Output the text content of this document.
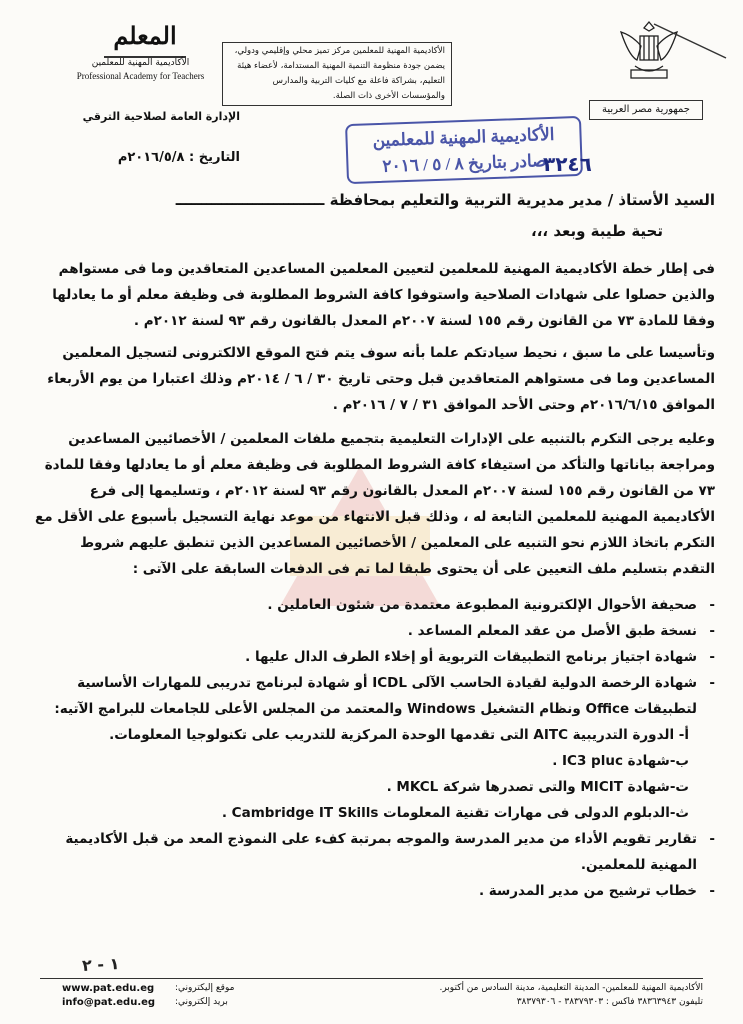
جمهورية مصر العربية
الأكاديمية المهنية للمعلمين مركز تميز محلي وإقليمي ودولي، يضمن جودة منظومة التنمية المهنية المستدامة، لأعضاء هيئة التعليم، بشراكة فاعلة مع كليات التربية والمدارس والمؤسسات الأخرى ذات الصلة.
المعلم
الأكاديمية المهنية للمعلمين
Professional Academy for Teachers
الإدارة العامة لصلاحية الترقي
التاريخ : ٢٠١٦/٥/٨م
الأكاديمية المهنية للمعلمين
صادر بتاريخ ٨ / ٥ / ٢٠١٦
٣٢٤٦
السيد الأستاذ / مدير مديرية التربية والتعليم بمحافظة ـــــــــــــــــــــــــــــ
تحية طيبة وبعد ،،،
فى إطار خطة الأكاديمية المهنية للمعلمين لتعيين المعلمين المساعدين المتعاقدين وما فى مستواهم والذين حصلوا على شهادات الصلاحية واستوفوا كافة الشروط المطلوبة فى وظيفة معلم أو ما يعادلها وفقا للمادة ٧٣ من القانون رقم ١٥٥ لسنة ٢٠٠٧م المعدل بالقانون رقم ٩٣ لسنة ٢٠١٢م .
وتأسيسا على ما سبق ، نحيط سيادتكم علما بأنه سوف يتم فتح الموقع الالكترونى لتسجيل المعلمين المساعدين وما فى مستواهم المتعاقدين قبل وحتى تاريخ ٣٠ / ٦ / ٢٠١٤م وذلك اعتبارا من يوم الأربعاء الموافق ٢٠١٦/٦/١٥م وحتى الأحد الموافق ٣١ / ٧ / ٢٠١٦م .
وعليه يرجى التكرم بالتنبيه على الإدارات التعليمية بتجميع ملفات المعلمين / الأخصائيين المساعدين ومراجعة بياناتها والتأكد من استيفاء كافة الشروط المطلوبة فى وظيفة معلم أو ما يعادلها وفقا للمادة ٧٣ من القانون رقم ١٥٥ لسنة ٢٠٠٧م المعدل بالقانون رقم ٩٣ لسنة ٢٠١٢م ، وتسليمها إلى فرع الأكاديمية المهنية للمعلمين التابعة له ، وذلك قبل الانتهاء من موعد نهاية التسجيل بأسبوع على الأقل مع التكرم باتخاذ اللازم نحو التنبيه على المعلمين / الأخصائيين المساعدين الذين تنطبق عليهم شروط التقدم بتسليم ملف التعيين على أن يحتوى طبقا لما تم فى الدفعات السابقة على الآتى :
-
صحيفة الأحوال الإلكترونية المطبوعة معتمدة من شئون العاملين .
-
نسخة طبق الأصل من عقد المعلم المساعد .
-
شهادة اجتياز برنامج التطبيقات التربوية أو إخلاء الطرف الدال عليها .
-
شهادة الرخصة الدولية لقيادة الحاسب الآلى ICDL أو شهادة لبرنامج تدريبى للمهارات الأساسية لتطبيقات Office ونظام التشغيل Windows والمعتمد من المجلس الأعلى للجامعات للبرامج الآتيه:
أ- الدورة التدريبية AITC التى تقدمها الوحدة المركزية للتدريب على تكنولوجيا المعلومات.
ب-شهادة IC3 pluc .
ت-شهادة MICIT والتى تصدرها شركة MKCL .
ث-الدبلوم الدولى فى مهارات تقنية المعلومات Cambridge IT Skills .
-
تقارير تقويم الأداء من مدير المدرسة والموجه بمرتبة كفء على النموذج المعد من قبل الأكاديمية المهنية للمعلمين.
-
خطاب ترشيح من مدير المدرسة .
١ - ٢
الأكاديمية المهنية للمعلمين- المدينة التعليمية، مدينة السادس من أكتوبر.
تليفون ٣٨٣٦٣٩٤٣ فاكس : ٣٨٣٧٩٣٠٣ - ٣٨٣٧٩٣٠٦
www.pat.edu.eg موقع إليكتروني:
info@pat.edu.eg بريد إلكتروني:
